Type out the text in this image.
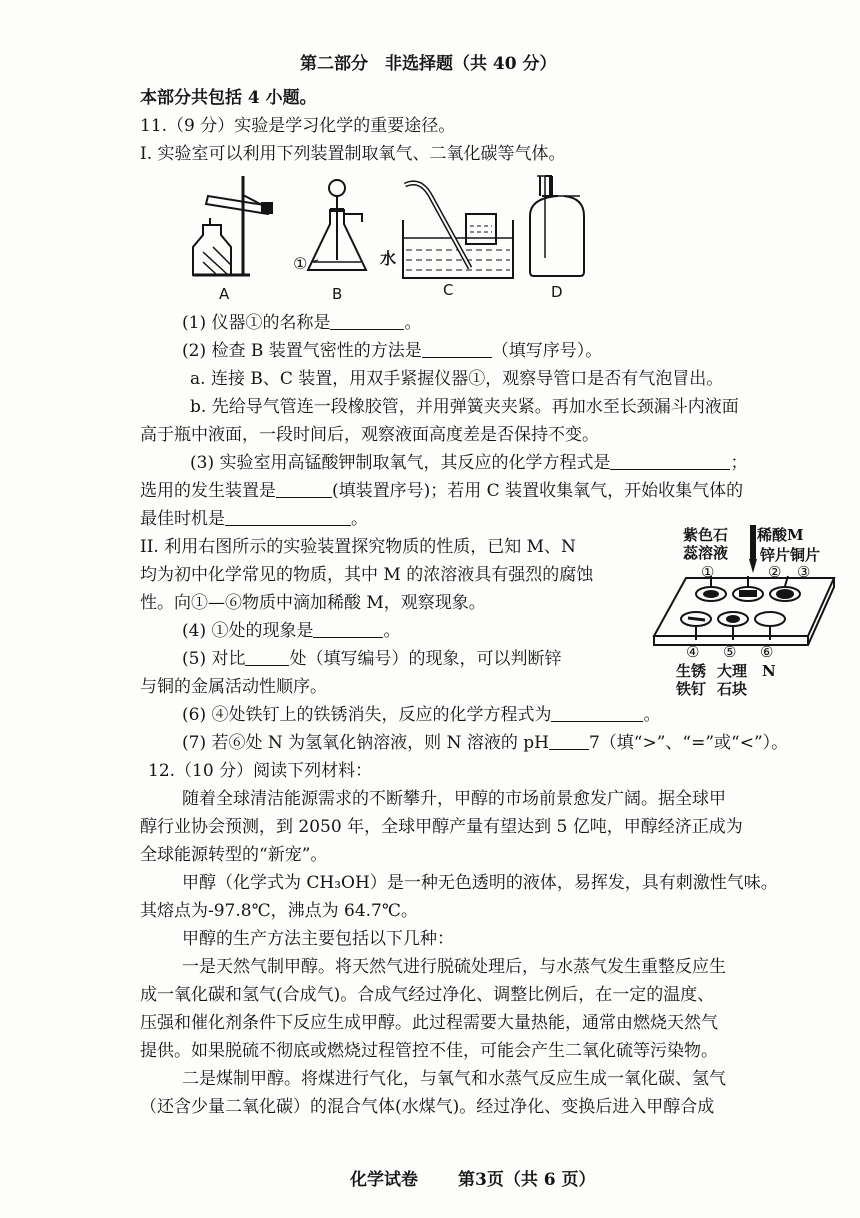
第二部分　非选择题（共 40 分）
本部分共包括 4 小题。
11.（9 分）实验是学习化学的重要途径。
I. 实验室可以利用下列装置制取氧气、二氧化碳等气体。
A	B	C	D
①	水
(1) 仪器①的名称是	。
(2) 检查 B 装置气密性的方法是	（填写序号）。
a. 连接 B、C 装置，用双手紧握仪器①，观察导管口是否有气泡冒出。
b. 先给导气管连一段橡胶管，并用弹簧夹夹紧。再加水至长颈漏斗内液面
高于瓶中液面，一段时间后，观察液面高度差是否保持不变。
(3) 实验室用高锰酸钾制取氧气，其反应的化学方程式是	；
选用的发生装置是	(填装置序号)；若用 C 装置收集氧气，开始收集气体的
最佳时机是	。
II. 利用右图所示的实验装置探究物质的性质，已知 M、N
均为初中化学常见的物质，其中 M 的浓溶液具有强烈的腐蚀
性。向①—⑥物质中滴加稀酸 M，观察现象。
(4) ①处的现象是	。
(5) 对比	处（填写编号）的现象，可以判断锌
与铜的金属活动性顺序。
(6) ④处铁钉上的铁锈消失，反应的化学方程式为	。
(7) 若⑥处 N 为氢氧化钠溶液，则 N 溶液的 pH 7（填“>”、“=”或“<”）。
紫色石
蕊溶液
稀酸M
锌片铜片
①	② ③
④ ⑤ ⑥
生锈
铁钉
大理
石块
N
12.（10 分）阅读下列材料：
随着全球清洁能源需求的不断攀升，甲醇的市场前景愈发广阔。据全球甲
醇行业协会预测，到 2050 年，全球甲醇产量有望达到 5 亿吨，甲醇经济正成为
全球能源转型的“新宠”。
甲醇（化学式为 CH₃OH）是一种无色透明的液体，易挥发，具有刺激性气味。
其熔点为-97.8℃，沸点为 64.7℃。
甲醇的生产方法主要包括以下几种：
一是天然气制甲醇。将天然气进行脱硫处理后，与水蒸气发生重整反应生
成一氧化碳和氢气(合成气)。合成气经过净化、调整比例后，在一定的温度、
压强和催化剂条件下反应生成甲醇。此过程需要大量热能，通常由燃烧天然气
提供。如果脱硫不彻底或燃烧过程管控不佳，可能会产生二氧化硫等污染物。
二是煤制甲醇。将煤进行气化，与氧气和水蒸气反应生成一氧化碳、氢气
（还含少量二氧化碳）的混合气体(水煤气)。经过净化、变换后进入甲醇合成
化学试卷 第3页（共 6 页）
